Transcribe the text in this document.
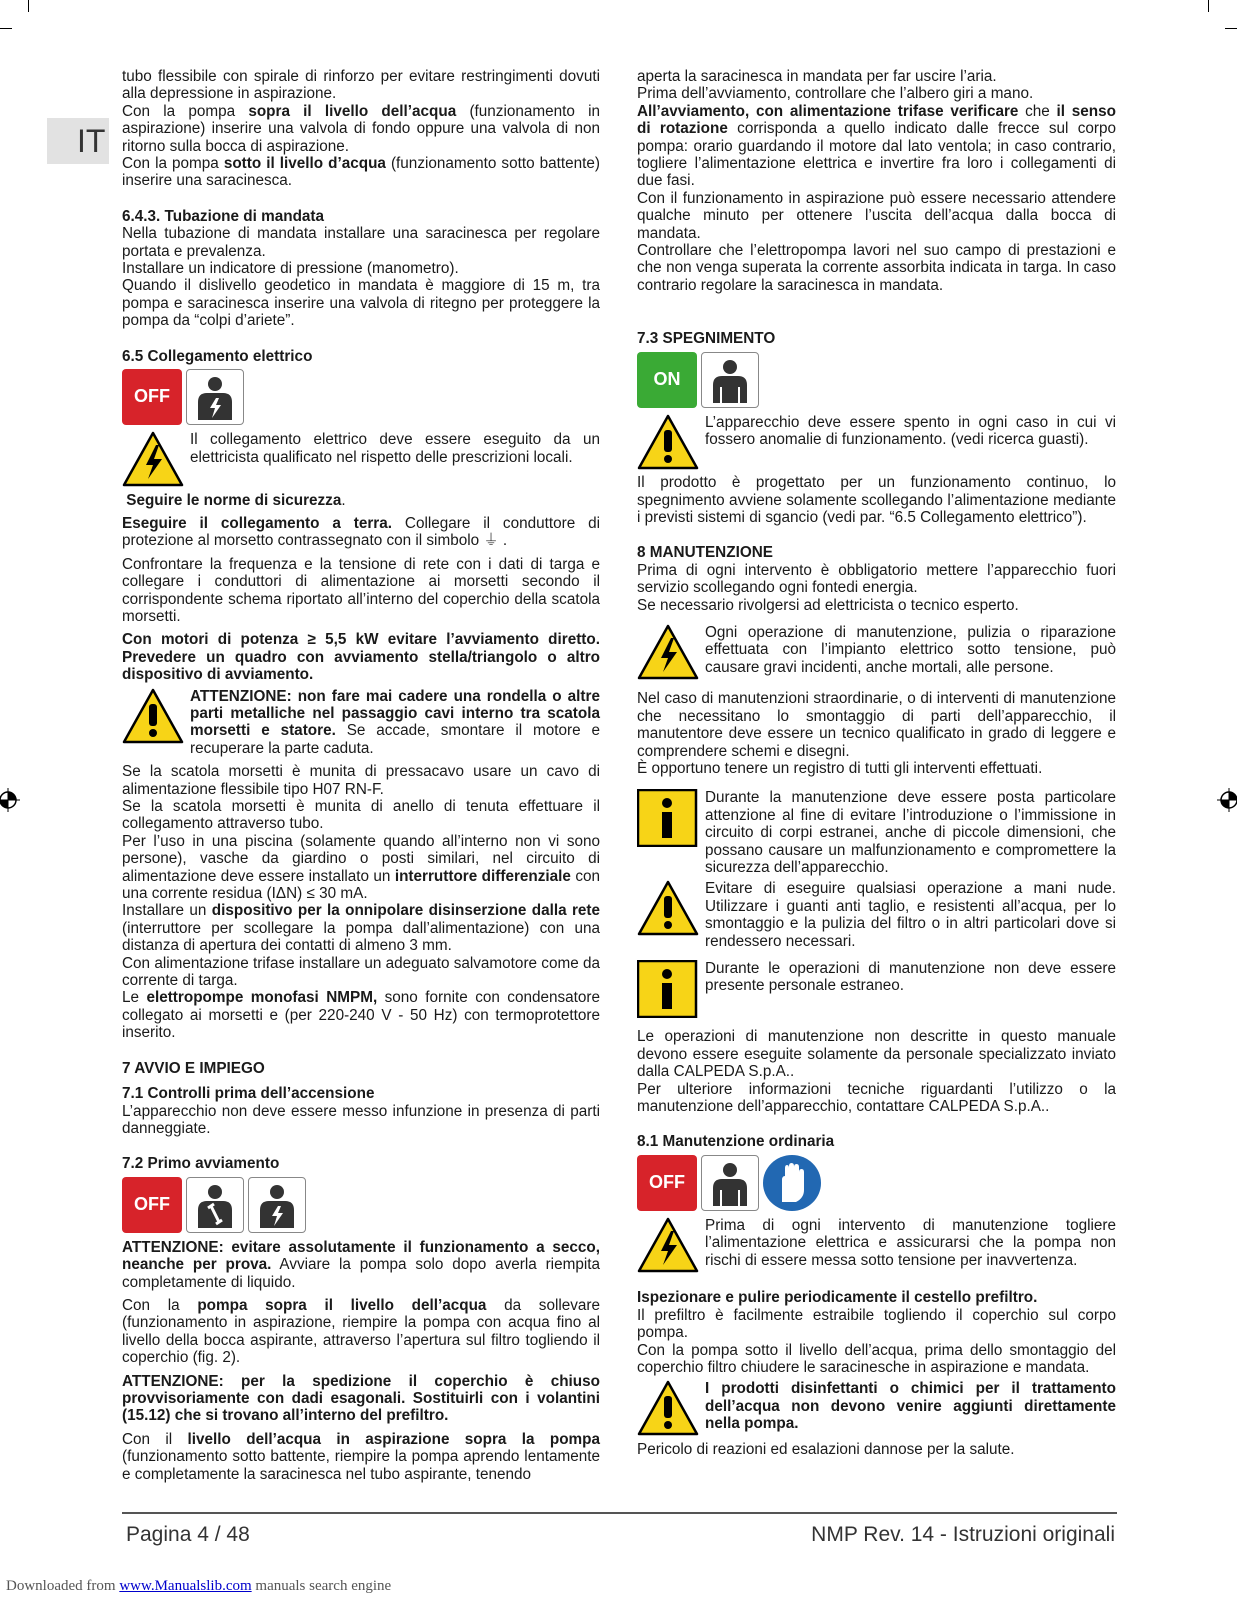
IT

tubo flessibile con spirale di rinforzo per evitare restringimenti dovuti alla depressione in aspirazione.

Con la pompa sopra il livello dell’acqua (funzionamento in aspirazione) inserire una valvola di fondo oppure una valvola di non ritorno sulla bocca di aspirazione.

Con la pompa sotto il livello d’acqua (funzionamento sotto battente) inserire una saracinesca.

6.4.3. Tubazione di mandata

Nella tubazione di mandata installare una saracinesca per regolare portata e prevalenza.

Installare un indicatore di pressione (manometro).

Quando il dislivello geodetico in mandata è maggiore di 15 m, tra pompa e saracinesca inserire una valvola di ritegno per proteggere la pompa da “colpi d’ariete”.

6.5 Collegamento elettrico

OFF

Il collegamento elettrico deve essere eseguito da un elettricista qualificato nel rispetto delle prescrizioni locali.

Seguire le norme di sicurezza.

Eseguire il collegamento a terra. Collegare il conduttore di protezione al morsetto contrassegnato con il simbolo ⏚ .

Confrontare la frequenza e la tensione di rete con i dati di targa e collegare i conduttori di alimentazione ai morsetti secondo il corrispondente schema riportato all’interno del coperchio della scatola morsetti.

Con motori di potenza ≥ 5,5 kW evitare l’avviamento diretto. Prevedere un quadro con avviamento stella/triangolo o altro dispositivo di avviamento.

ATTENZIONE: non fare mai cadere una rondella o altre parti metalliche nel passaggio cavi interno tra scatola morsetti e statore. Se accade, smontare il motore e recuperare la parte caduta.

Se la scatola morsetti è munita di pressacavo usare un cavo di alimentazione flessibile tipo H07 RN-F.

Se la scatola morsetti è munita di anello di tenuta effettuare il collegamento attraverso tubo.

Per l’uso in una piscina (solamente quando all’interno non vi sono persone), vasche da giardino o posti similari, nel circuito di alimentazione deve essere installato un interruttore differenziale con una corrente residua (IΔN) ≤ 30 mA.

Installare un dispositivo per la onnipolare disinserzione dalla rete (interruttore per scollegare la pompa dall’alimentazione) con una distanza di apertura dei contatti di almeno 3 mm.

Con alimentazione trifase installare un adeguato salvamotore come da corrente di targa.

Le elettropompe monofasi NMPM, sono fornite con condensatore collegato ai morsetti e (per 220-240 V - 50 Hz) con termoprotettore inserito.

7 AVVIO E IMPIEGO

7.1 Controlli prima dell’accensione

L’apparecchio non deve essere messo infunzione in presenza di parti danneggiate.

7.2 Primo avviamento

OFF

ATTENZIONE: evitare assolutamente il funzionamento a secco, neanche per prova. Avviare la pompa solo dopo averla riempita completamente di liquido.

Con la pompa sopra il livello dell’acqua da sollevare (funzionamento in aspirazione, riempire la pompa con acqua fino al livello della bocca aspirante, attraverso l’apertura sul filtro togliendo il coperchio (fig. 2).

ATTENZIONE: per la spedizione il coperchio è chiuso provvisoriamente con dadi esagonali. Sostituirli con i volantini (15.12) che si trovano all’interno del prefiltro.

Con il livello dell’acqua in aspirazione sopra la pompa (funzionamento sotto battente, riempire la pompa aprendo lentamente e completamente la saracinesca nel tubo aspirante, tenendo

aperta la saracinesca in mandata per far uscire l’aria.

Prima dell’avviamento, controllare che l’albero giri a mano.

All’avviamento, con alimentazione trifase verificare che il senso di rotazione corrisponda a quello indicato dalle frecce sul corpo pompa: orario guardando il motore dal lato ventola; in caso contrario, togliere l’alimentazione elettrica e invertire fra loro i collegamenti di due fasi.

Con il funzionamento in aspirazione può essere necessario attendere qualche minuto per ottenere l’uscita dell’acqua dalla bocca di mandata.

Controllare che l’elettropompa lavori nel suo campo di prestazioni e che non venga superata la corrente assorbita indicata in targa. In caso contrario regolare la saracinesca in mandata.

7.3 SPEGNIMENTO

ON

L’apparecchio deve essere spento in ogni caso in cui vi fossero anomalie di funzionamento. (vedi ricerca guasti).

Il prodotto è progettato per un funzionamento continuo, lo spegnimento avviene solamente scollegando l’alimentazione mediante i previsti sistemi di sgancio (vedi par. “6.5 Collegamento elettrico”).

8 MANUTENZIONE

Prima di ogni intervento è obbligatorio mettere l’apparecchio fuori servizio scollegando ogni fontedi energia.

Se necessario rivolgersi ad elettricista o tecnico esperto.

Ogni operazione di manutenzione, pulizia o riparazione effettuata con l’impianto elettrico sotto tensione, può causare gravi incidenti, anche mortali, alle persone.

Nel caso di manutenzioni straordinarie, o di interventi di manutenzione che necessitano lo smontaggio di parti dell’apparecchio, il manutentore deve essere un tecnico qualificato in grado di leggere e comprendere schemi e disegni.

È opportuno tenere un registro di tutti gli interventi effettuati.

Durante la manutenzione deve essere posta particolare attenzione al fine di evitare l’introduzione o l’immissione in circuito di corpi estranei, anche di piccole dimensioni, che possano causare un malfunzionamento e compromettere la sicurezza dell’apparecchio.

Evitare di eseguire qualsiasi operazione a mani nude. Utilizzare i guanti anti taglio, e resistenti all’acqua, per lo smontaggio e la pulizia del filtro o in altri particolari dove si rendessero necessari.

Durante le operazioni di manutenzione non deve essere presente personale estraneo.

Le operazioni di manutenzione non descritte in questo manuale devono essere eseguite solamente da personale specializzato inviato dalla CALPEDA S.p.A..

Per ulteriore informazioni tecniche riguardanti l’utilizzo o la manutenzione dell’apparecchio, contattare CALPEDA S.p.A..

8.1 Manutenzione ordinaria

OFF

Prima di ogni intervento di manutenzione togliere l’alimentazione elettrica e assicurarsi che la pompa non rischi di essere messa sotto tensione per inavvertenza.

Ispezionare e pulire periodicamente il cestello prefiltro.

Il prefiltro è facilmente estraibile togliendo il coperchio sul corpo pompa.

Con la pompa sotto il livello dell’acqua, prima dello smontaggio del coperchio filtro chiudere le saracinesche in aspirazione e mandata.

I prodotti disinfettanti o chimici per il trattamento dell’acqua non devono venire aggiunti direttamente nella pompa.

Pericolo di reazioni ed esalazioni dannose per la salute.

Pagina 4 / 48	NMP Rev. 14 - Istruzioni originali
Downloaded from www.Manualslib.com manuals search engine
